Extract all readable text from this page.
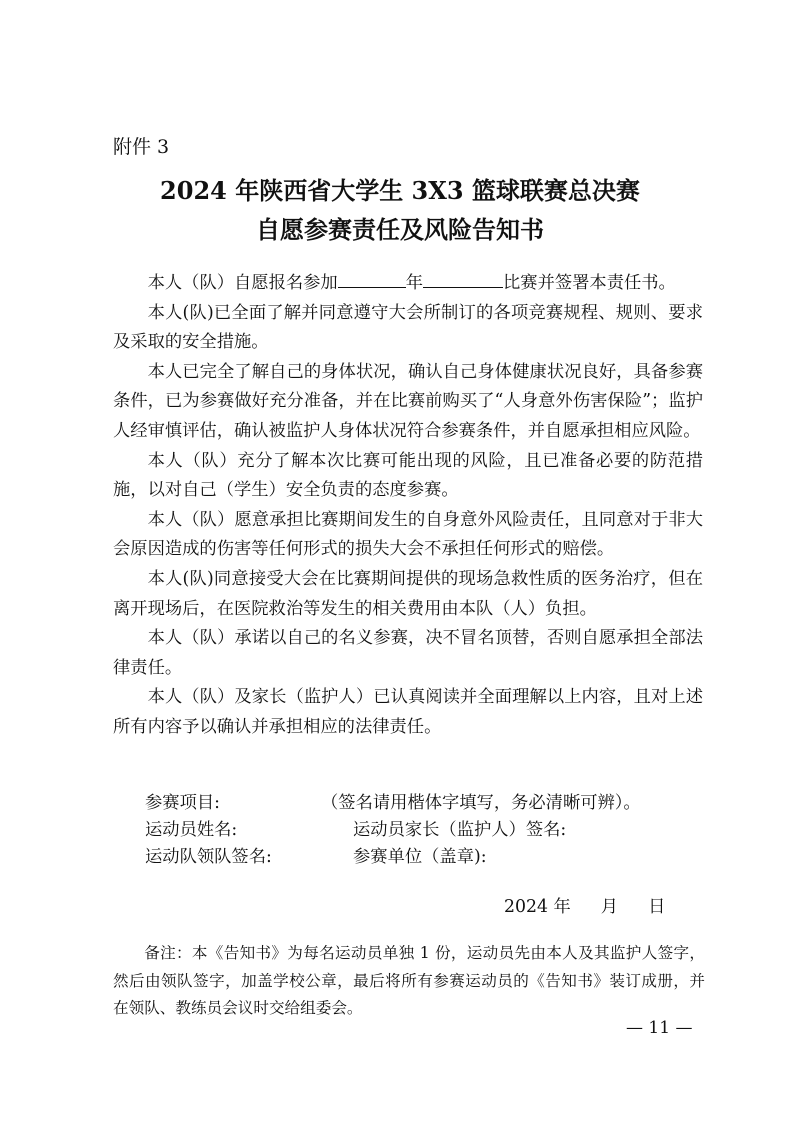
附件 3
2024 年陕西省大学生 3X3 篮球联赛总决赛
自愿参赛责任及风险告知书

本人（队）自愿报名参加	年	比赛并签署本责任书。

本人(队)已全面了解并同意遵守大会所制订的各项竞赛规程、规则、要求及采取的安全措施。

本人已完全了解自己的身体状况，确认自己身体健康状况良好，具备参赛条件，已为参赛做好充分准备，并在比赛前购买了“人身意外伤害保险”；监护人经审慎评估，确认被监护人身体状况符合参赛条件，并自愿承担相应风险。

本人（队）充分了解本次比赛可能出现的风险，且已准备必要的防范措施，以对自己（学生）安全负责的态度参赛。

本人（队）愿意承担比赛期间发生的自身意外风险责任，且同意对于非大会原因造成的伤害等任何形式的损失大会不承担任何形式的赔偿。

本人(队)同意接受大会在比赛期间提供的现场急救性质的医务治疗，但在离开现场后，在医院救治等发生的相关费用由本队（人）负担。

本人（队）承诺以自己的名义参赛，决不冒名顶替，否则自愿承担全部法律责任。

本人（队）及家长（监护人）已认真阅读并全面理解以上内容，且对上述所有内容予以确认并承担相应的法律责任。

参赛项目:	（签名请用楷体字填写，务必清晰可辨）。
运动员姓名:	运动员家长（监护人）签名:
运动队领队签名:	参赛单位（盖章):
2024 年 月 日
备注：本《告知书》为每名运动员单独 1 份，运动员先由本人及其监护人签字，然后由领队签字，加盖学校公章，最后将所有参赛运动员的《告知书》装订成册，并在领队、教练员会议时交给组委会。
— 11 —
